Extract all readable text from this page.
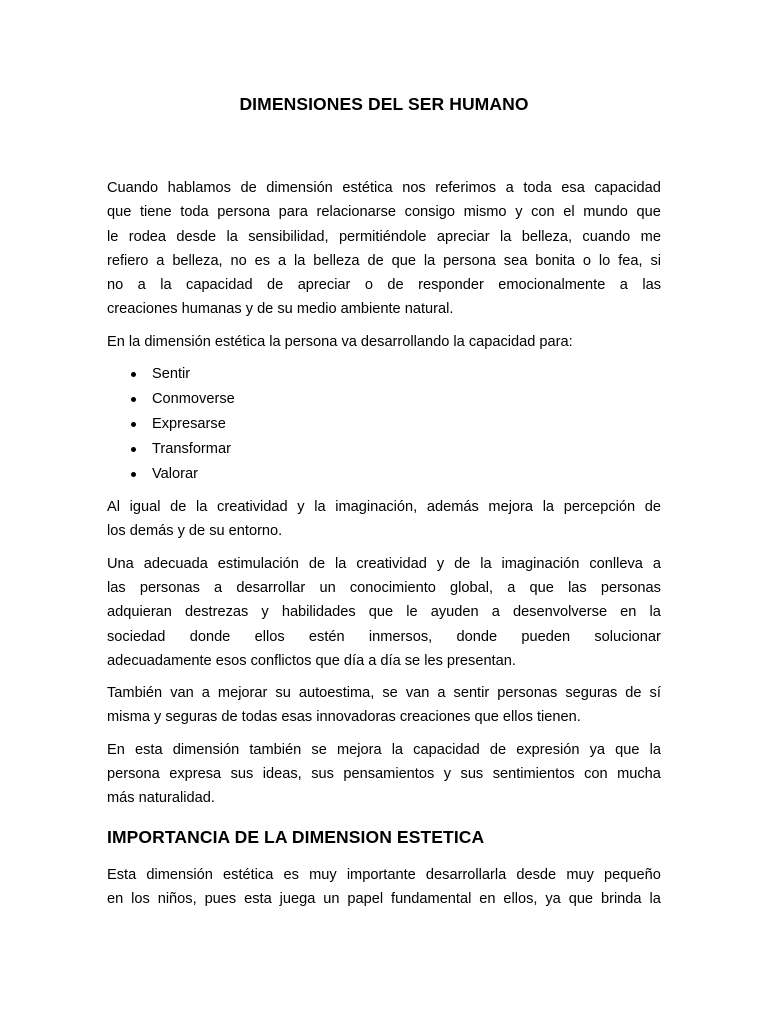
DIMENSIONES DEL SER HUMANO

Cuando hablamos de dimensión estética nos referimos a toda esa capacidad
que tiene toda persona para relacionarse consigo mismo y con el mundo que
le rodea desde la sensibilidad, permitiéndole apreciar la belleza, cuando me
refiero a belleza, no es a la belleza de que la persona sea bonita o lo fea, si
no a la capacidad de apreciar o de responder emocionalmente a las
creaciones humanas y de su medio ambiente natural.

En la dimensión estética la persona va desarrollando la capacidad para:

Sentir
Conmoverse
Expresarse
Transformar
Valorar

Al igual de la creatividad y la imaginación, además mejora la percepción de
los demás y de su entorno.

Una adecuada estimulación de la creatividad y de la imaginación conlleva a
las personas a desarrollar un conocimiento global, a que las personas
adquieran destrezas y habilidades que le ayuden a desenvolverse en la
sociedad donde ellos estén inmersos, donde pueden solucionar
adecuadamente esos conflictos que día a día se les presentan.

También van a mejorar su autoestima, se van a sentir personas seguras de sí
misma y seguras de todas esas innovadoras creaciones que ellos tienen.

En esta dimensión también se mejora la capacidad de expresión ya que la
persona expresa sus ideas, sus pensamientos y sus sentimientos con mucha
más naturalidad.

IMPORTANCIA DE LA DIMENSION ESTETICA

Esta dimensión estética es muy importante desarrollarla desde muy pequeño
en los niños, pues esta juega un papel fundamental en ellos, ya que brinda la
